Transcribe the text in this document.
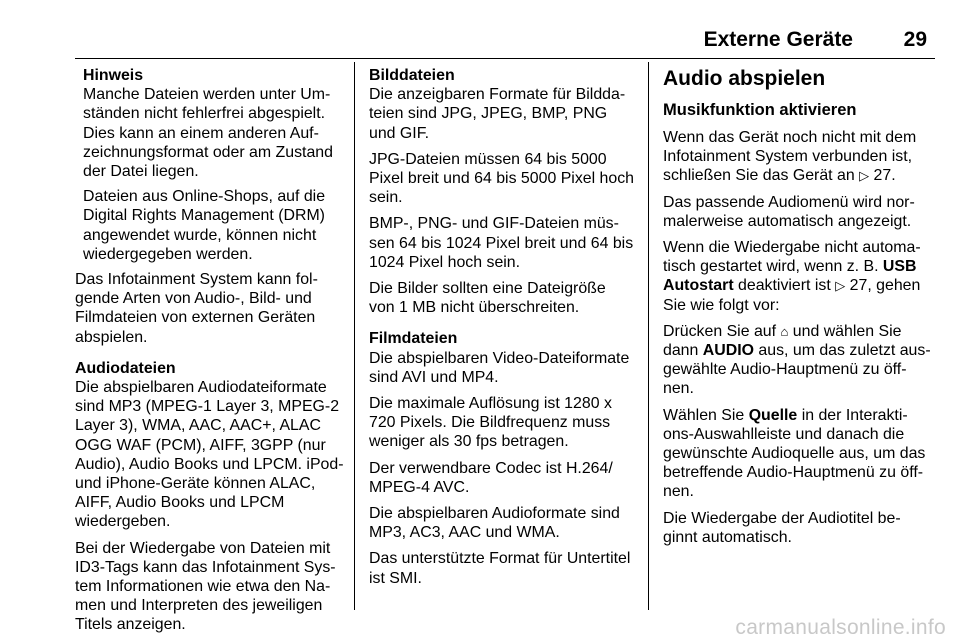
Externe Geräte 29

Hinweis
Manche Dateien werden unter Um-ständen nicht fehlerfrei abgespielt. Dies kann an einem anderen Auf-zeichnungsformat oder am Zustand der Datei liegen.

Dateien aus Online-Shops, auf die Digital Rights Management (DRM) angewendet wurde, können nicht wiedergegeben werden.

Das Infotainment System kann fol-gende Arten von Audio-, Bild- und Filmdateien von externen Geräten abspielen.

Audiodateien
Die abspielbaren Audiodateiformate sind MP3 (MPEG-1 Layer 3, MPEG-2 Layer 3), WMA, AAC, AAC+, ALAC OGG WAF (PCM), AIFF, 3GPP (nur Audio), Audio Books und LPCM. iPod- und iPhone-Geräte können ALAC, AIFF, Audio Books und LPCM wiedergeben.

Bei der Wiedergabe von Dateien mit ID3-Tags kann das Infotainment Sys-tem Informationen wie etwa den Na-men und Interpreten des jeweiligen Titels anzeigen.

Bilddateien
Die anzeigbaren Formate für Bildda-teien sind JPG, JPEG, BMP, PNG und GIF.

JPG-Dateien müssen 64 bis 5000 Pixel breit und 64 bis 5000 Pixel hoch sein.

BMP-, PNG- und GIF-Dateien müs-sen 64 bis 1024 Pixel breit und 64 bis 1024 Pixel hoch sein.

Die Bilder sollten eine Dateigröße von 1 MB nicht überschreiten.

Filmdateien
Die abspielbaren Video-Dateiformate sind AVI und MP4.

Die maximale Auflösung ist 1280 x 720 Pixels. Die Bildfrequenz muss weniger als 30 fps betragen.

Der verwendbare Codec ist H.264/ MPEG-4 AVC.

Die abspielbaren Audioformate sind MP3, AC3, AAC und WMA.

Das unterstützte Format für Untertitel ist SMI.

Audio abspielen
Musikfunktion aktivieren

Wenn das Gerät noch nicht mit dem Infotainment System verbunden ist, schließen Sie das Gerät an ▷ 27.

Das passende Audiomenü wird nor-malerweise automatisch angezeigt.

Wenn die Wiedergabe nicht automa-tisch gestartet wird, wenn z. B. USB Autostart deaktiviert ist ▷ 27, gehen Sie wie folgt vor:

Drücken Sie auf ⌂ und wählen Sie dann AUDIO aus, um das zuletzt aus-gewählte Audio-Hauptmenü zu öff-nen.

Wählen Sie Quelle in der Interakti-ons-Auswahlleiste und danach die gewünschte Audioquelle aus, um das betreffende Audio-Hauptmenü zu öff-nen.

Die Wiedergabe der Audiotitel be-ginnt automatisch.

carmanualsonline.info
